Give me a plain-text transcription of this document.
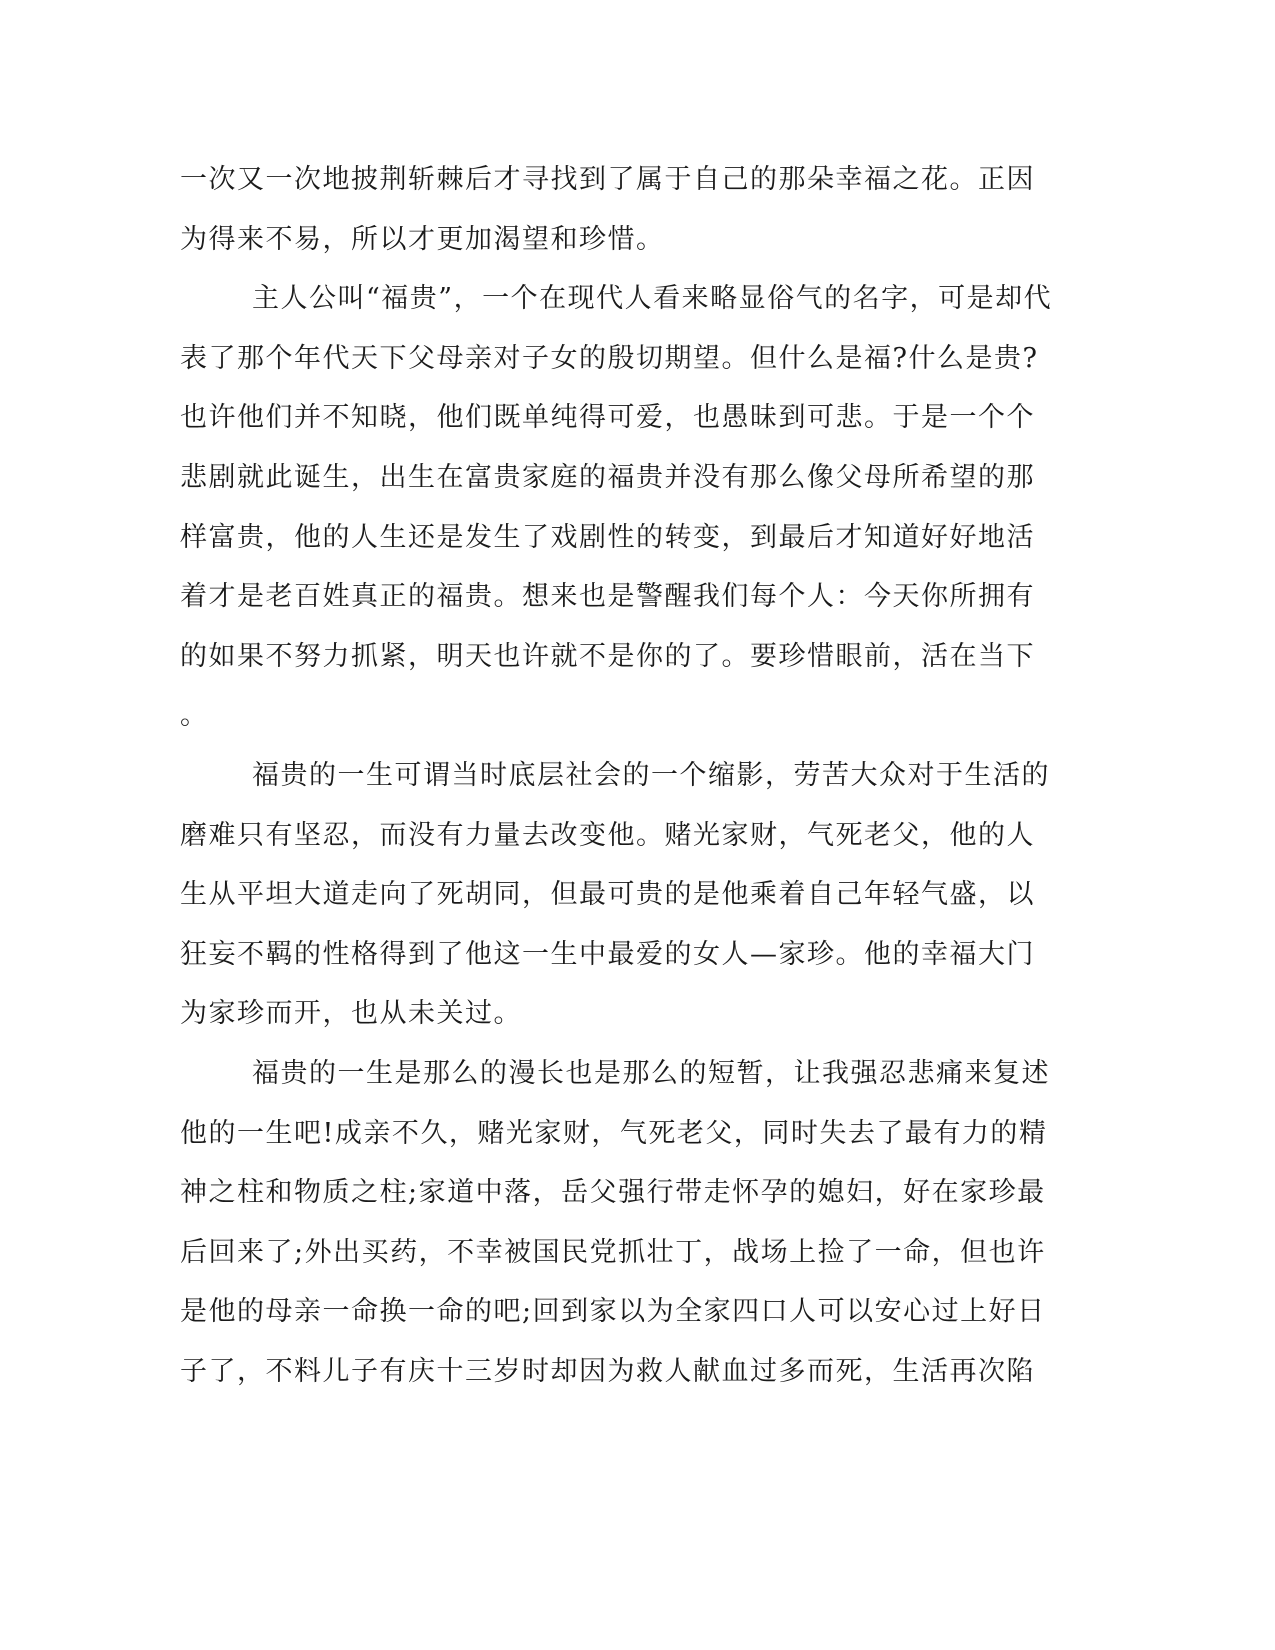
一次又一次地披荆斩棘后才寻找到了属于自己的那朵幸福之花。正因
为得来不易，所以才更加渴望和珍惜。
主人公叫“福贵”，一个在现代人看来略显俗气的名字，可是却代
表了那个年代天下父母亲对子女的殷切期望。但什么是福?什么是贵?
也许他们并不知晓，他们既单纯得可爱，也愚昧到可悲。于是一个个
悲剧就此诞生，出生在富贵家庭的福贵并没有那么像父母所希望的那
样富贵，他的人生还是发生了戏剧性的转变，到最后才知道好好地活
着才是老百姓真正的福贵。想来也是警醒我们每个人：今天你所拥有
的如果不努力抓紧，明天也许就不是你的了。要珍惜眼前，活在当下
。
福贵的一生可谓当时底层社会的一个缩影，劳苦大众对于生活的
磨难只有坚忍，而没有力量去改变他。赌光家财，气死老父，他的人
生从平坦大道走向了死胡同，但最可贵的是他乘着自己年轻气盛，以
狂妄不羁的性格得到了他这一生中最爱的女人—家珍。他的幸福大门
为家珍而开，也从未关过。
福贵的一生是那么的漫长也是那么的短暂，让我强忍悲痛来复述
他的一生吧!成亲不久，赌光家财，气死老父，同时失去了最有力的精
神之柱和物质之柱;家道中落，岳父强行带走怀孕的媳妇，好在家珍最
后回来了;外出买药，不幸被国民党抓壮丁，战场上捡了一命，但也许
是他的母亲一命换一命的吧;回到家以为全家四口人可以安心过上好日
子了，不料儿子有庆十三岁时却因为救人献血过多而死，生活再次陷
